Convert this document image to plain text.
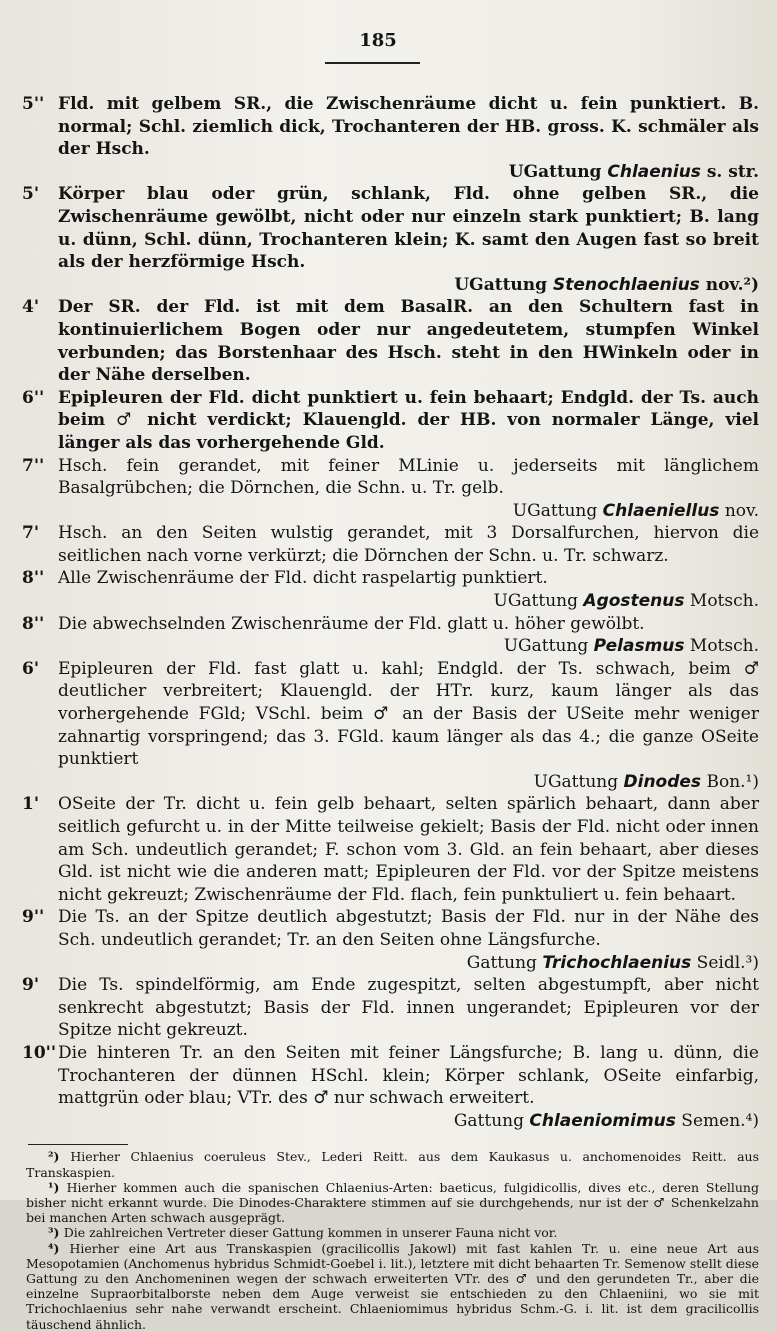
185
5'' Fld. mit gelbem SR., die Zwischenräume dicht u. fein punktiert. B. normal; Schl. ziemlich dick, Trochanteren der HB. gross. K. schmäler als der Hsch.
UGattung Chlaenius s. str.
5'	Körper blau oder grün, schlank, Fld. ohne gelben SR., die Zwischenräume gewölbt, nicht oder nur einzeln stark punktiert; B. lang u. dünn, Schl. dünn, Trochanteren klein; K. samt den Augen fast so breit als der herzförmige Hsch.
UGattung Stenochlaenius nov.²)
4'	Der SR. der Fld. ist mit dem BasalR. an den Schultern fast in kontinuierlichem Bogen oder nur angedeutetem, stumpfen Winkel verbunden; das Borstenhaar des Hsch. steht in den HWinkeln oder in der Nähe derselben.
6'' Epipleuren der Fld. dicht punktiert u. fein behaart; Endgld. der Ts. auch beim ♂ nicht verdickt; Klauengld. der HB. von normaler Länge, viel länger als das vorhergehende Gld.
7'' Hsch. fein gerandet, mit feiner MLinie u. jederseits mit länglichem Basalgrübchen; die Dörnchen, die Schn. u. Tr. gelb.
UGattung Chlaeniellus nov.
7'	Hsch. an den Seiten wulstig gerandet, mit 3 Dorsalfurchen, hiervon die seitlichen nach vorne verkürzt; die Dörnchen der Schn. u. Tr. schwarz.
8'' Alle Zwischenräume der Fld. dicht raspelartig punktiert.
UGattung Agostenus Motsch.
8'' Die abwechselnden Zwischenräume der Fld. glatt u. höher gewölbt.
UGattung Pelasmus Motsch.
6'	Epipleuren der Fld. fast glatt u. kahl; Endgld. der Ts. schwach, beim ♂ deutlicher verbreitert; Klauengld. der HTr. kurz, kaum länger als das vorhergehende FGld; VSchl. beim ♂ an der Basis der USeite mehr weniger zahnartig vorspringend; das 3. FGld. kaum länger als das 4.; die ganze OSeite punktiert
UGattung Dinodes Bon.¹)
1'	OSeite der Tr. dicht u. fein gelb behaart, selten spärlich behaart, dann aber seitlich gefurcht u. in der Mitte teilweise gekielt; Basis der Fld. nicht oder innen am Sch. undeutlich gerandet; F. schon vom 3. Gld. an fein behaart, aber dieses Gld. ist nicht wie die anderen matt; Epipleuren der Fld. vor der Spitze meistens nicht gekreuzt; Zwischenräume der Fld. flach, fein punktuliert u. fein behaart.
9'' Die Ts. an der Spitze deutlich abgestutzt; Basis der Fld. nur in der Nähe des Sch. undeutlich gerandet; Tr. an den Seiten ohne Längsfurche.
Gattung Trichochlaenius Seidl.³)
9'	Die Ts. spindelförmig, am Ende zugespitzt, selten abgestumpft, aber nicht senkrecht abgestutzt; Basis der Fld. innen ungerandet; Epipleuren vor der Spitze nicht gekreuzt.
10'' Die hinteren Tr. an den Seiten mit feiner Längsfurche; B. lang u. dünn, die Trochanteren der dünnen HSchl. klein; Körper schlank, OSeite einfarbig, mattgrün oder blau; VTr. des ♂ nur schwach erweitert.
Gattung Chlaeniomimus Semen.⁴)
²) Hierher Chlaenius coeruleus Stev., Lederi Reitt. aus dem Kaukasus u. anchomenoides Reitt. aus Transkaspien.
¹) Hierher kommen auch die spanischen Chlaenius-Arten: baeticus, fulgidicollis, dives etc., deren Stellung bisher nicht erkannt wurde. Die Dinodes-Charaktere stimmen auf sie durchgehends, nur ist der ♂ Schenkelzahn bei manchen Arten schwach ausgeprägt.
³) Die zahlreichen Vertreter dieser Gattung kommen in unserer Fauna nicht vor.
⁴) Hierher eine Art aus Transkaspien (gracilicollis Jakowl) mit fast kahlen Tr. u. eine neue Art aus Mesopotamien (Anchomenus hybridus Schmidt-Goebel i. lit.), letztere mit dicht behaarten Tr. Semenow stellt diese Gattung zu den Anchomeninen wegen der schwach erweiterten VTr. des ♂ und den gerundeten Tr., aber die einzelne Supraorbitalborste neben dem Auge verweist sie entschieden zu den Chlaeniini, wo sie mit Trichochlaenius sehr nahe verwandt erscheint. Chlaeniomimus hybridus Schm.-G. i. lit. ist dem gracilicollis täuschend ähnlich.
